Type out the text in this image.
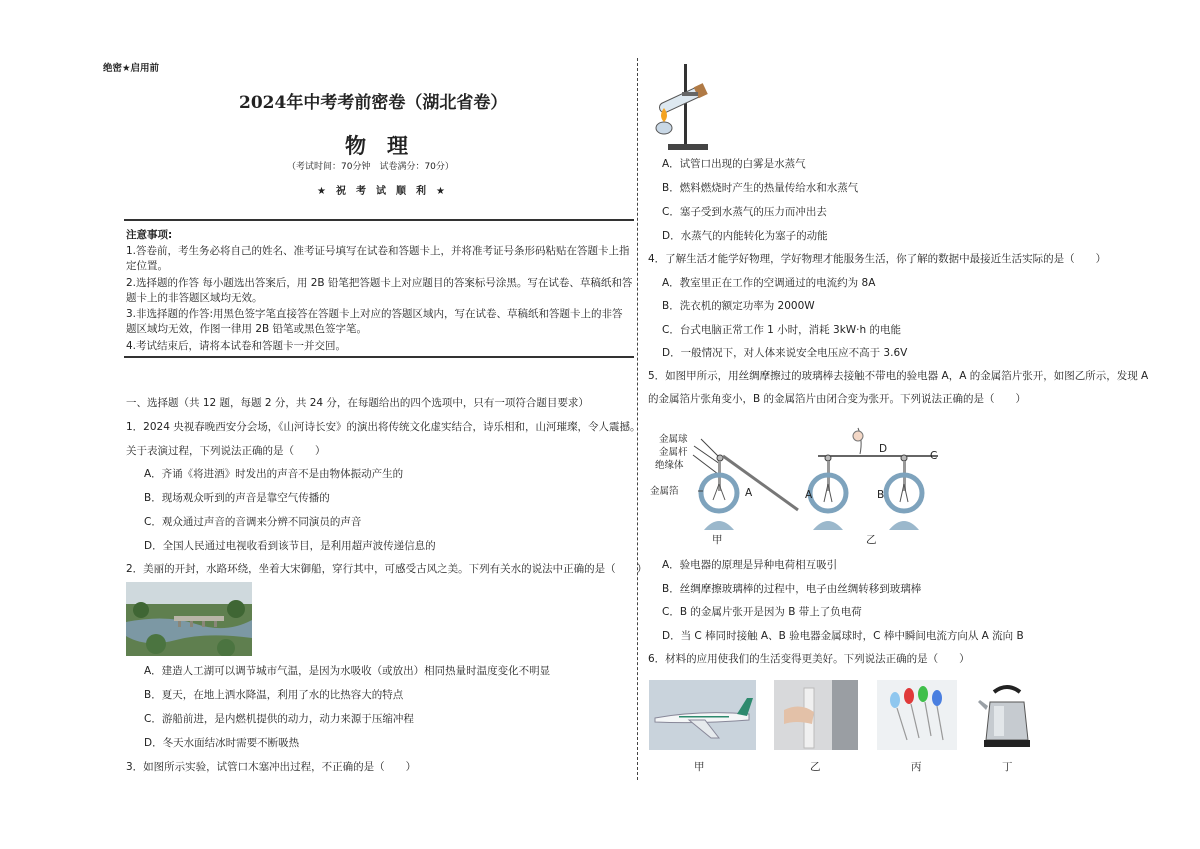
绝密★启用前
2024年中考考前密卷（湖北省卷）
物　理
（考试时间：70分钟　试卷满分：70分）
★　祝　考　试　顺　利　★
注意事项:
1.答卷前，考生务必将自己的姓名、准考证号填写在试卷和答题卡上，并将准考证号条形码粘贴在答题卡上指
定位置。
2.选择题的作答 每小题选出答案后，用 2B 铅笔把答题卡上对应题目的答案标号涂黑。写在试卷、草稿纸和答
题卡上的非答题区域均无效。
3.非选择题的作答:用黑色签字笔直接答在答题卡上对应的答题区域内，写在试卷、草稿纸和答题卡上的非答
题区域均无效，作图一律用 2B 铅笔或黑色签字笔。
4.考试结束后，请将本试卷和答题卡一并交回。
一、选择题（共 12 题，每题 2 分，共 24 分，在每题给出的四个选项中，只有一项符合题目要求）
1．2024 央视春晚西安分会场，《山河诗长安》的演出将传统文化虚实结合，诗乐相和，山河璀璨，令人震撼。
关于表演过程，下列说法正确的是（　　）
A．齐诵《将进酒》时发出的声音不是由物体振动产生的
B．现场观众听到的声音是靠空气传播的
C．观众通过声音的音调来分辨不同演员的声音
D．全国人民通过电视收看到该节目，是利用超声波传递信息的
2．美丽的开封，水路环绕，坐着大宋御船，穿行其中，可感受古风之美。下列有关水的说法中正确的是（　　）
A．建造人工湖可以调节城市气温，是因为水吸收（或放出）相同热量时温度变化不明显
B．夏天，在地上洒水降温，利用了水的比热容大的特点
C．游船前进，是内燃机提供的动力，动力来源于压缩冲程
D．冬天水面结冰时需要不断吸热
3．如图所示实验，试管口木塞冲出过程，不正确的是（　　）
A．试管口出现的白雾是水蒸气
B．燃料燃烧时产生的热量传给水和水蒸气
C．塞子受到水蒸气的压力而冲出去
D．水蒸气的内能转化为塞子的动能
4．了解生活才能学好物理，学好物理才能服务生活，你了解的数据中最接近生活实际的是（　　）
A．教室里正在工作的空调通过的电流约为 8A
B．洗衣机的额定功率为 2000W
C．台式电脑正常工作 1 小时，消耗 3kW·h 的电能
D．一般情况下，对人体来说安全电压应不高于 3.6V
5．如图甲所示，用丝绸摩擦过的玻璃棒去接触不带电的验电器 A，A 的金属箔片张开，如图乙所示，发现 A
的金属箔片张角变小，B 的金属箔片由闭合变为张开。下列说法正确的是（　　）
金属球
金属杆
绝缘体
金属箔	A	A	B
D
C
甲	乙
A．验电器的原理是异种电荷相互吸引
B．丝绸摩擦玻璃棒的过程中，电子由丝绸转移到玻璃棒
C．B 的金属片张开是因为 B 带上了负电荷
D．当 C 棒同时接触 A、B 验电器金属球时，C 棒中瞬间电流方向从 A 流向 B
6．材料的应用使我们的生活变得更美好。下列说法正确的是（　　）
甲	乙	丙	丁
